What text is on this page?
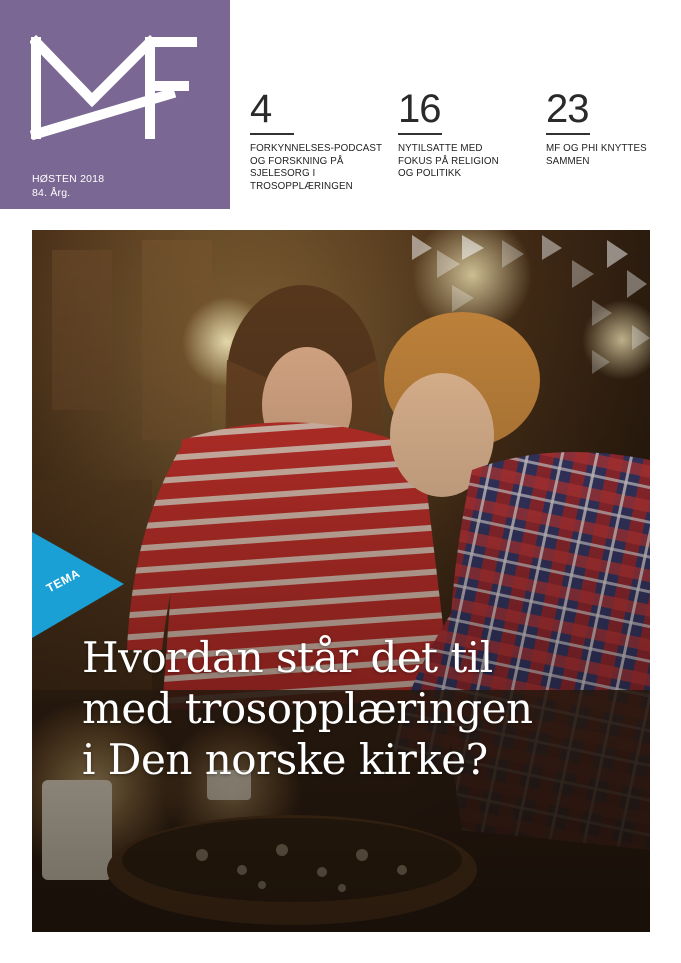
HØSTEN 2018
84. Årg.
4
FORKYNNELSES-PODCAST OG FORSKNING PÅ SJELESORG I TROSOPPLÆRINGEN
16
NYTILSATTE MED FOKUS PÅ RELIGION OG POLITIKK
23
MF OG PHI KNYTTES SAMMEN
TEMA
Hvordan står det til
med trosopplæringen
i Den norske kirke?
